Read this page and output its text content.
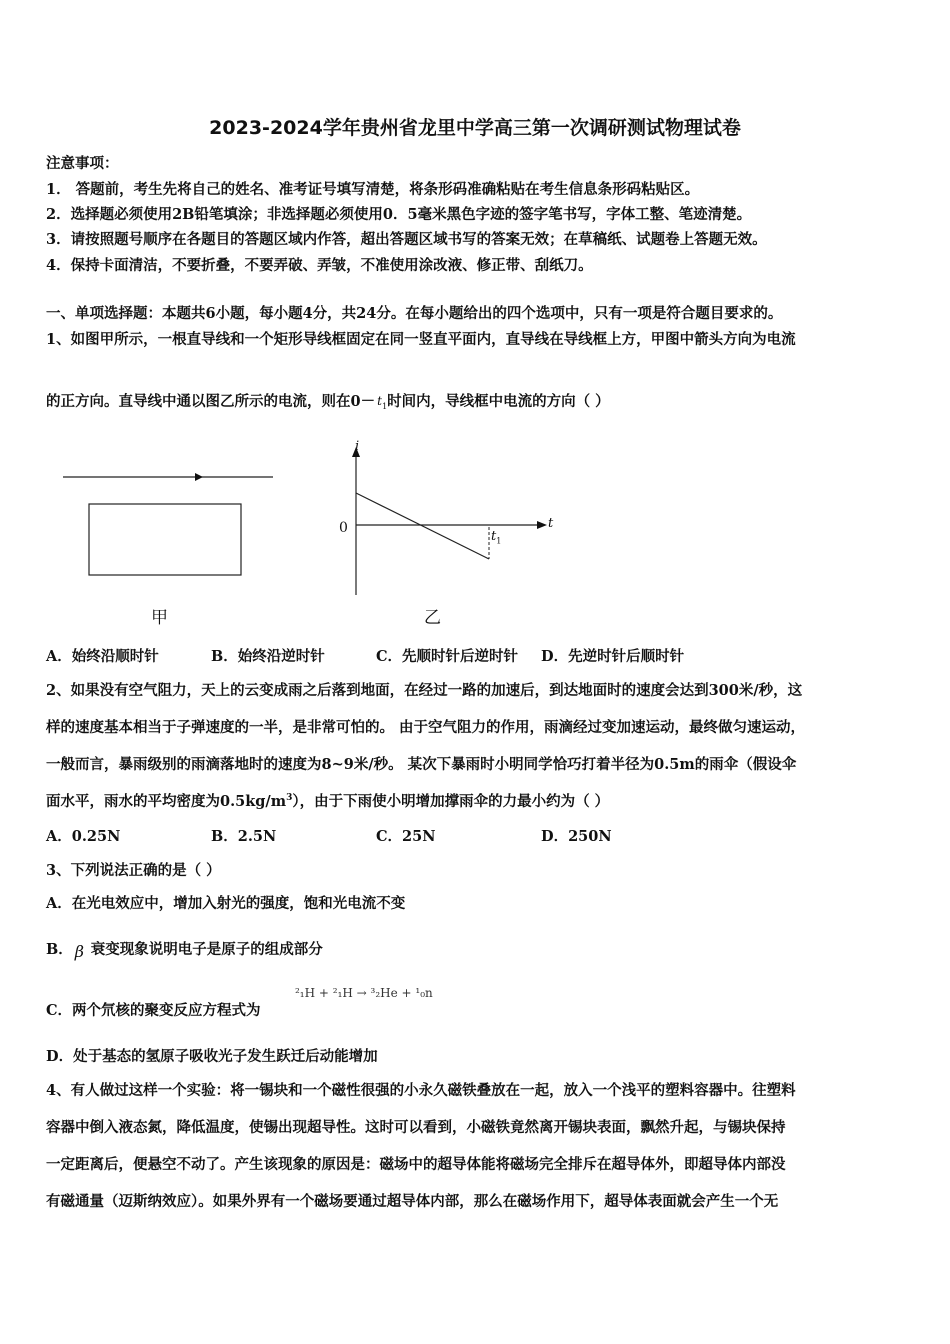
2023-2024学年贵州省龙里中学高三第一次调研测试物理试卷
注意事项：
1． 答题前，考生先将自己的姓名、准考证号填写清楚，将条形码准确粘贴在考生信息条形码粘贴区。
2．选择题必须使用2B铅笔填涂；非选择题必须使用0．5毫米黑色字迹的签字笔书写，字体工整、笔迹清楚。
3．请按照题号顺序在各题目的答题区域内作答，超出答题区域书写的答案无效；在草稿纸、试题卷上答题无效。
4．保持卡面清洁，不要折叠，不要弄破、弄皱，不准使用涂改液、修正带、刮纸刀。
一、单项选择题：本题共6小题，每小题4分，共24分。在每小题给出的四个选项中，只有一项是符合题目要求的。
1、如图甲所示，一根直导线和一个矩形导线框固定在同一竖直平面内，直导线在导线框上方，甲图中箭头方向为电流
的正方向。直导线中通以图乙所示的电流，则在0－ t 1 时间内，导线框中电流的方向（ ）
甲
i
t
0
$t_1$
乙
A．始终沿顺时针	B．始终沿逆时针	C．先顺时针后逆时针 D．先逆时针后顺时针
2、如果没有空气阻力，天上的云变成雨之后落到地面，在经过一路的加速后，到达地面时的速度会达到300米/秒，这
样的速度基本相当于子弹速度的一半，是非常可怕的。 由于空气阻力的作用，雨滴经过变加速运动，最终做匀速运动，
一般而言，暴雨级别的雨滴落地时的速度为8~9米/秒。 某次下暴雨时小明同学恰巧打着半径为0.5m的雨伞（假设伞
面水平，雨水的平均密度为$0.5kg/m^3$），由于下雨使小明增加撑雨伞的力最小约为（ ）
A．0.25N	B．2.5N	C．25N	D．250N
3、下列说法正确的是（ ）
A．在光电效应中，增加入射光的强度，饱和光电流不变
B． β 衰变现象说明电子是原子的组成部分
C．两个氘核的聚变反应方程式为
²₁H + ²₁H → ³₂He + ¹₀n
D．处于基态的氢原子吸收光子发生跃迁后动能增加
4、有人做过这样一个实验：将一锡块和一个磁性很强的小永久磁铁叠放在一起，放入一个浅平的塑料容器中。往塑料
容器中倒入液态氮，降低温度，使锡出现超导性。这时可以看到，小磁铁竟然离开锡块表面，飘然升起，与锡块保持
一定距离后，便悬空不动了。产生该现象的原因是：磁场中的超导体能将磁场完全排斥在超导体外，即超导体内部没
有磁通量（迈斯纳效应）。如果外界有一个磁场要通过超导体内部，那么在磁场作用下，超导体表面就会产生一个无
